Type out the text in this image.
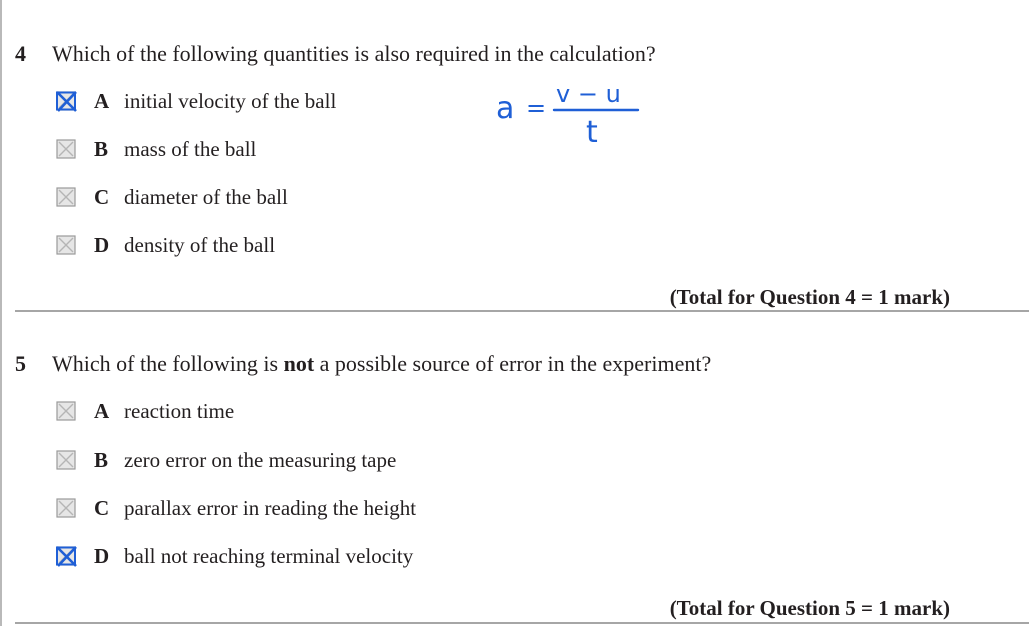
4 Which of the following quantities is also required in the calculation?
A initial velocity of the ball
B mass of the ball
C diameter of the ball
D density of the ball
a = v − u
t
(Total for Question 4 = 1 mark)
5 Which of the following is not a possible source of error in the experiment?
A reaction time
B zero error on the measuring tape
C parallax error in reading the height
D ball not reaching terminal velocity
(Total for Question 5 = 1 mark)
